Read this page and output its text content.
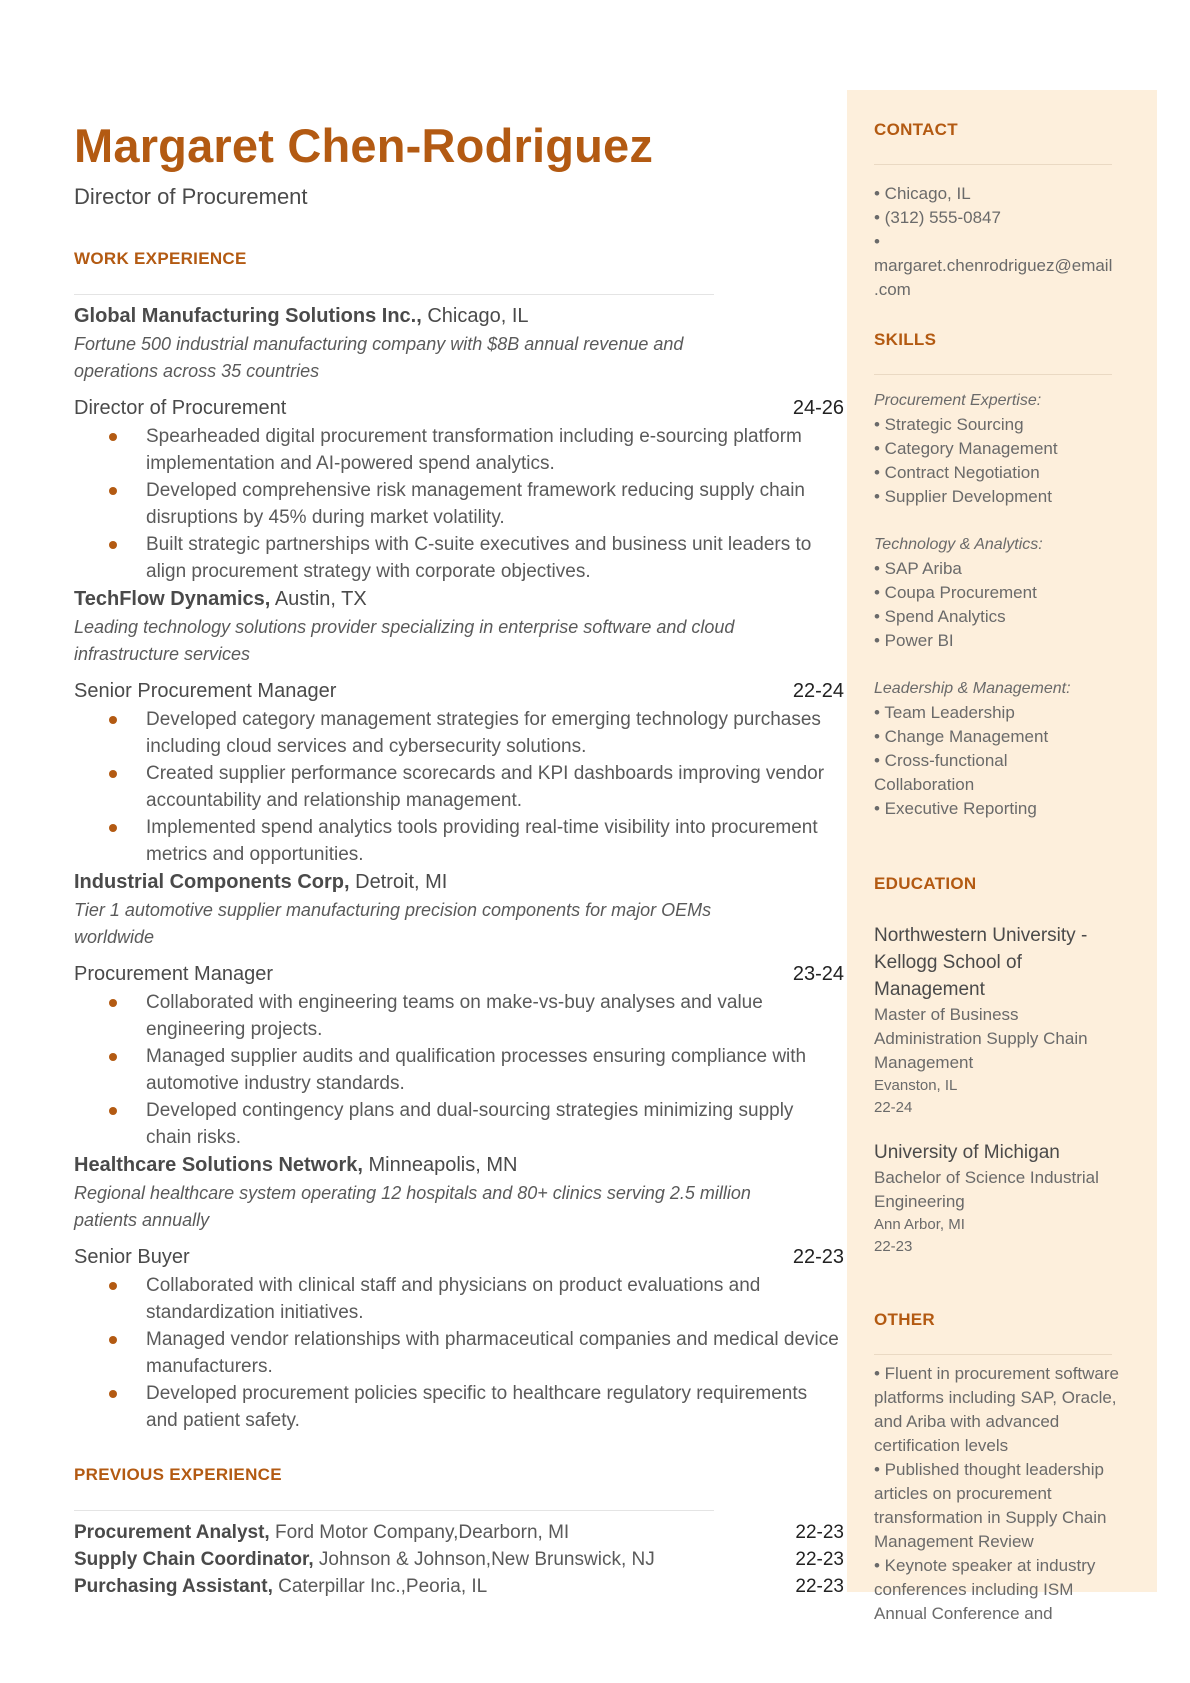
Margaret Chen-Rodriguez
Director of Procurement
WORK EXPERIENCE
Global Manufacturing Solutions Inc., Chicago, IL
Fortune 500 industrial manufacturing company with $8B annual revenue and operations across 35 countries
Director of Procurement	24-26
Spearheaded digital procurement transformation including e-sourcing platform implementation and AI-powered spend analytics.
Developed comprehensive risk management framework reducing supply chain disruptions by 45% during market volatility.
Built strategic partnerships with C-suite executives and business unit leaders to align procurement strategy with corporate objectives.
TechFlow Dynamics, Austin, TX
Leading technology solutions provider specializing in enterprise software and cloud infrastructure services
Senior Procurement Manager	22-24
Developed category management strategies for emerging technology purchases including cloud services and cybersecurity solutions.
Created supplier performance scorecards and KPI dashboards improving vendor accountability and relationship management.
Implemented spend analytics tools providing real-time visibility into procurement metrics and opportunities.
Industrial Components Corp, Detroit, MI
Tier 1 automotive supplier manufacturing precision components for major OEMs worldwide
Procurement Manager	23-24
Collaborated with engineering teams on make-vs-buy analyses and value engineering projects.
Managed supplier audits and qualification processes ensuring compliance with automotive industry standards.
Developed contingency plans and dual-sourcing strategies minimizing supply chain risks.
Healthcare Solutions Network, Minneapolis, MN
Regional healthcare system operating 12 hospitals and 80+ clinics serving 2.5 million patients annually
Senior Buyer	22-23
Collaborated with clinical staff and physicians on product evaluations and standardization initiatives.
Managed vendor relationships with pharmaceutical companies and medical device manufacturers.
Developed procurement policies specific to healthcare regulatory requirements and patient safety.
PREVIOUS EXPERIENCE
Procurement Analyst, Ford Motor Company,Dearborn, MI	22-23
Supply Chain Coordinator, Johnson & Johnson,New Brunswick, NJ	22-23
Purchasing Assistant, Caterpillar Inc.,Peoria, IL	22-23
CONTACT
• Chicago, IL
• (312) 555-0847
•
margaret.chenrodriguez@email
.com
SKILLS
Procurement Expertise:
• Strategic Sourcing
• Category Management
• Contract Negotiation
• Supplier Development
Technology & Analytics:
• SAP Ariba
• Coupa Procurement
• Spend Analytics
• Power BI
Leadership & Management:
• Team Leadership
• Change Management
• Cross-functional Collaboration
• Executive Reporting
EDUCATION
Northwestern University - Kellogg School of Management
Master of Business Administration Supply Chain Management
Evanston, IL
22-24
University of Michigan
Bachelor of Science Industrial Engineering
Ann Arbor, MI
22-23
OTHER
• Fluent in procurement software platforms including SAP, Oracle, and Ariba with advanced certification levels
• Published thought leadership articles on procurement transformation in Supply Chain Management Review
• Keynote speaker at industry conferences including ISM Annual Conference and
